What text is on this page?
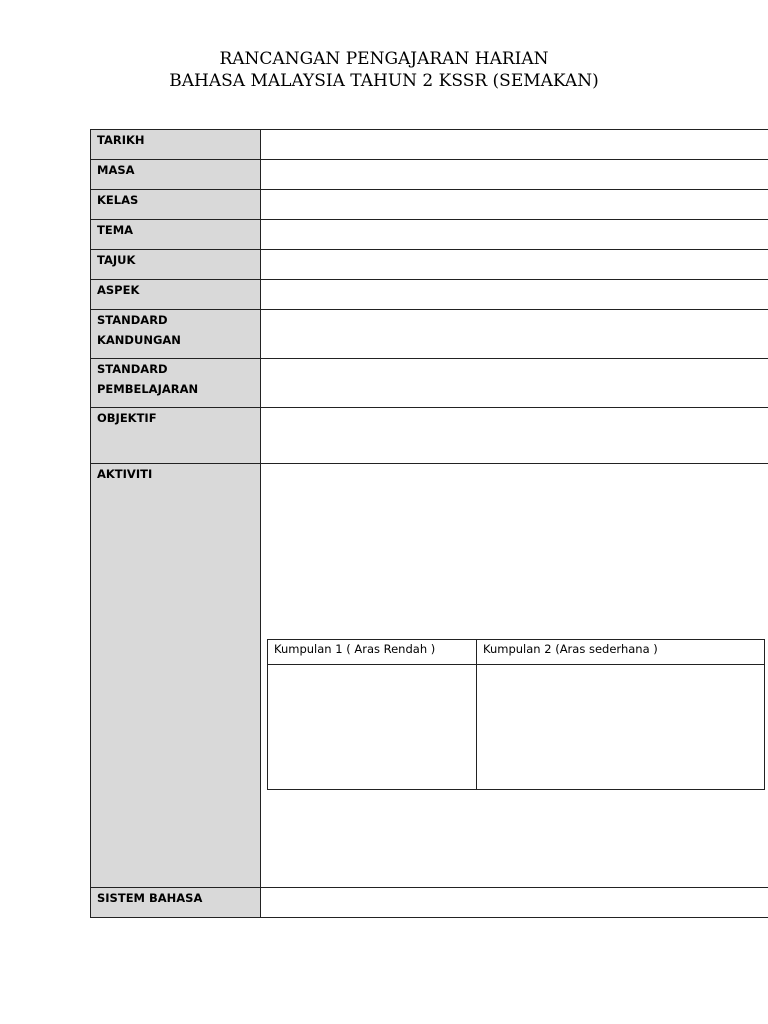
RANCANGAN PENGAJARAN HARIAN
BAHASA MALAYSIA TAHUN 2 KSSR (SEMAKAN)
TARIKH

MASA

KELAS

TEMA

TAJUK

ASPEK

STANDARD
KANDUNGAN

STANDARD
PEMBELAJARAN

OBJEKTIF

AKTIVITI

Kumpulan 1 ( Aras Rendah )	Kumpulan 2 (Aras sederhana )

SISTEM BAHASA
